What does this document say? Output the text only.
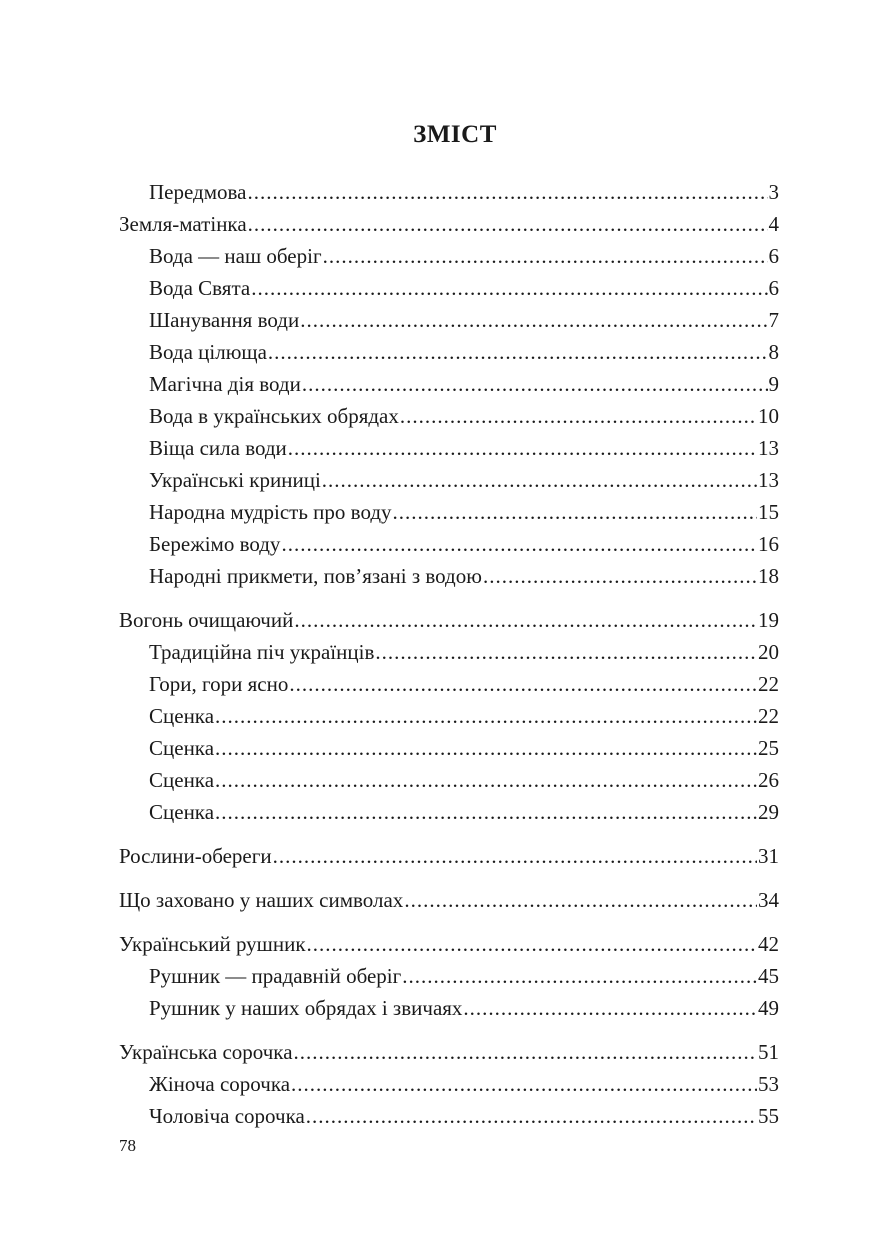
ЗМІСТ
Передмова .....	3
Земля-матінка .....	4
Вода — наш оберіг .....	6
Вода Свята .....	6
Шанування води .....	7
Вода цілюща .....	8
Магічна дія води .....	9
Вода в українських обрядах .....	10
Віща сила води .....	13
Українські криниці .....	13
Народна мудрість про воду .....	15
Бережімо воду .....	16
Народні прикмети, пов’язані з водою .....	18
Вогонь очищаючий .....	19
Традиційна піч українців .....	20
Гори, гори ясно .....	22
Сценка .....	22
Сценка .....	25
Сценка .....	26
Сценка .....	29
Рослини-обереги .....	31
Що заховано у наших символах .....	34
Український рушник .....	42
Рушник — прадавній оберіг .....	45
Рушник у наших обрядах і звичаях .....	49
Українська сорочка .....	51
Жіноча сорочка .....	53
Чоловіча сорочка .....	55
78
